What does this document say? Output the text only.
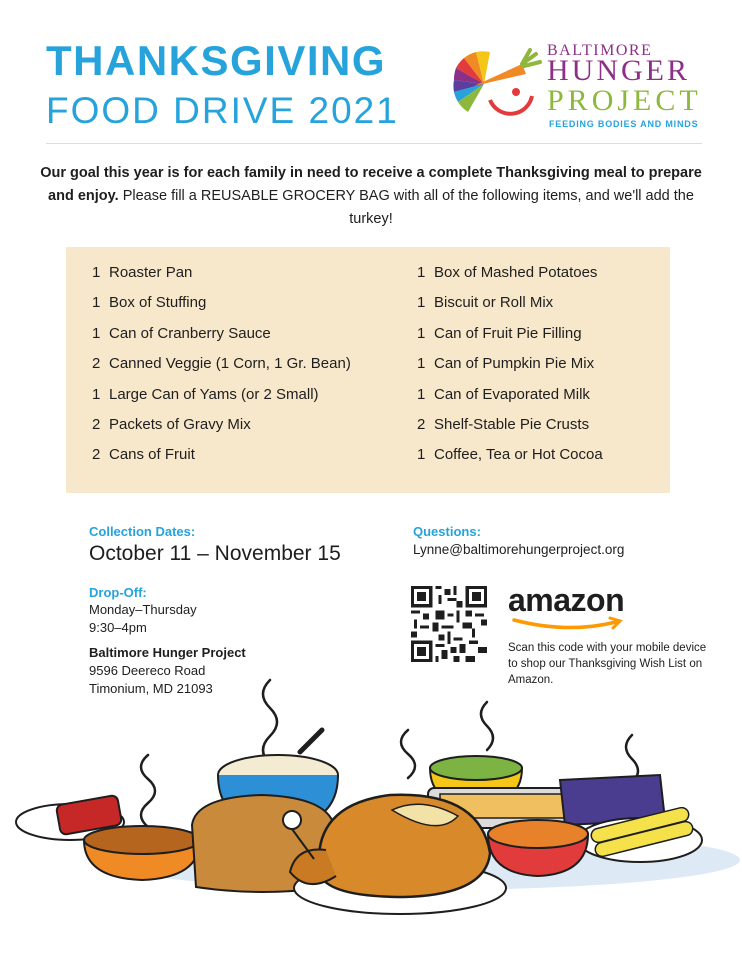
THANKSGIVING
FOOD DRIVE 2021
BALTIMORE
HUNGER
PROJECT
FEEDING BODIES AND MINDS
Our goal this year is for each family in need to receive a complete Thanksgiving meal to prepare and enjoy. Please fill a REUSABLE GROCERY BAG with all of the following items, and we'll add the turkey!
1 Roaster Pan
1 Box of Stuffing
1 Can of Cranberry Sauce
2 Canned Veggie (1 Corn, 1 Gr. Bean)
1 Large Can of Yams (or 2 Small)
2 Packets of Gravy Mix
2 Cans of Fruit
1 Box of Mashed Potatoes
1 Biscuit or Roll Mix
1 Can of Fruit Pie Filling
1 Can of Pumpkin Pie Mix
1 Can of Evaporated Milk
2 Shelf-Stable Pie Crusts
1 Coffee, Tea or Hot Cocoa
Collection Dates:
October 11 – November 15
Drop-Off:
Monday–Thursday
9:30–4pm
Baltimore Hunger Project
9596 Deereco Road
Timonium, MD 21093
Questions:
Lynne@baltimorehungerproject.org
amazon
Scan this code with your mobile device to shop our Thanksgiving Wish List on Amazon.
